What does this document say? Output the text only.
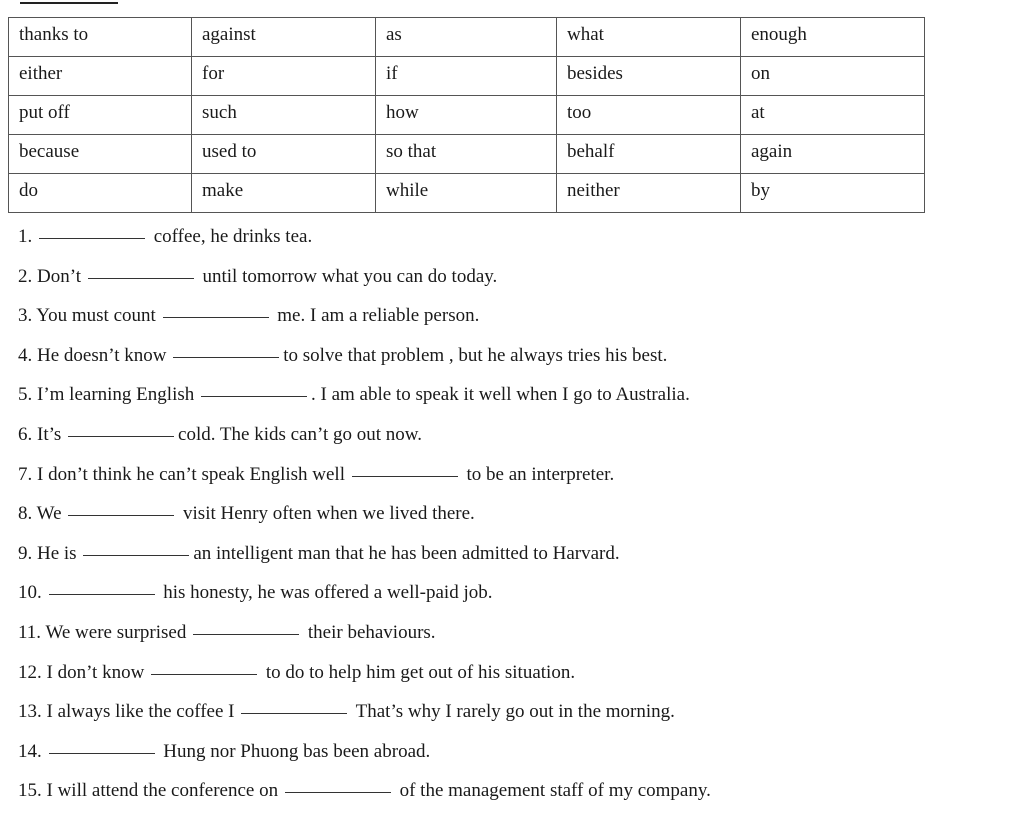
thanks to	against	as	what	enough
either	for	if	besides	on
put off	such	how	too	at
because	used to	so that	behalf	again
do	make	while	neither	by
1.	coffee, he drinks tea.
2. Don’t	until tomorrow what you can do today.
3. You must count	me. I am a reliable person.
4. He doesn’t know	to solve that problem , but he always tries his best.
5. I’m learning English	. I am able to speak it well when I go to Australia.
6. It’s	cold. The kids can’t go out now.
7. I don’t think he can’t speak English well	to be an interpreter.
8. We	visit Henry often when we lived there.
9. He is	an intelligent man that he has been admitted to Harvard.
10.	his honesty, he was offered a well-paid job.
11. We were surprised	their behaviours.
12. I don’t know	to do to help him get out of his situation.
13. I always like the coffee I	That’s why I rarely go out in the morning.
14.	Hung nor Phuong bas been abroad.
15. I will attend the conference on	of the management staff of my company.
